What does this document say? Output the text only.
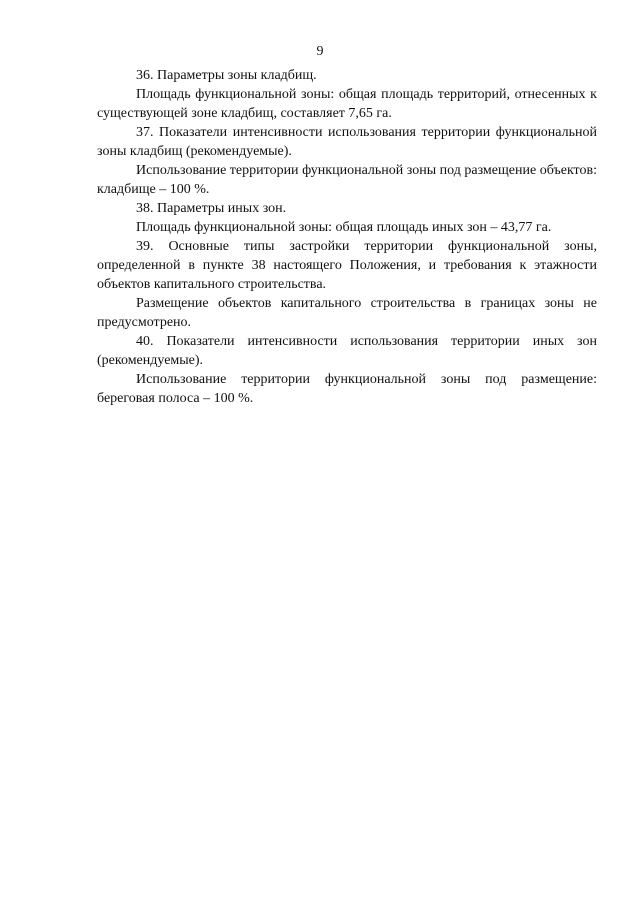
9

36. Параметры зоны кладбищ.

Площадь функциональной зоны: общая площадь территорий, отнесенных к существующей зоне кладбищ, составляет 7,65 га.

37. Показатели интенсивности использования территории функциональной зоны кладбищ (рекомендуемые).

Использование территории функциональной зоны под размещение объектов: кладбище – 100 %.

38. Параметры иных зон.

Площадь функциональной зоны: общая площадь иных зон – 43,77 га.

39. Основные типы застройки территории функциональной зоны, определенной в пункте 38 настоящего Положения, и требования к этажности объектов капитального строительства.

Размещение объектов капитального строительства в границах зоны не предусмотрено.

40. Показатели интенсивности использования территории иных зон (рекомендуемые).

Использование территории функциональной зоны под размещение: береговая полоса – 100 %.
